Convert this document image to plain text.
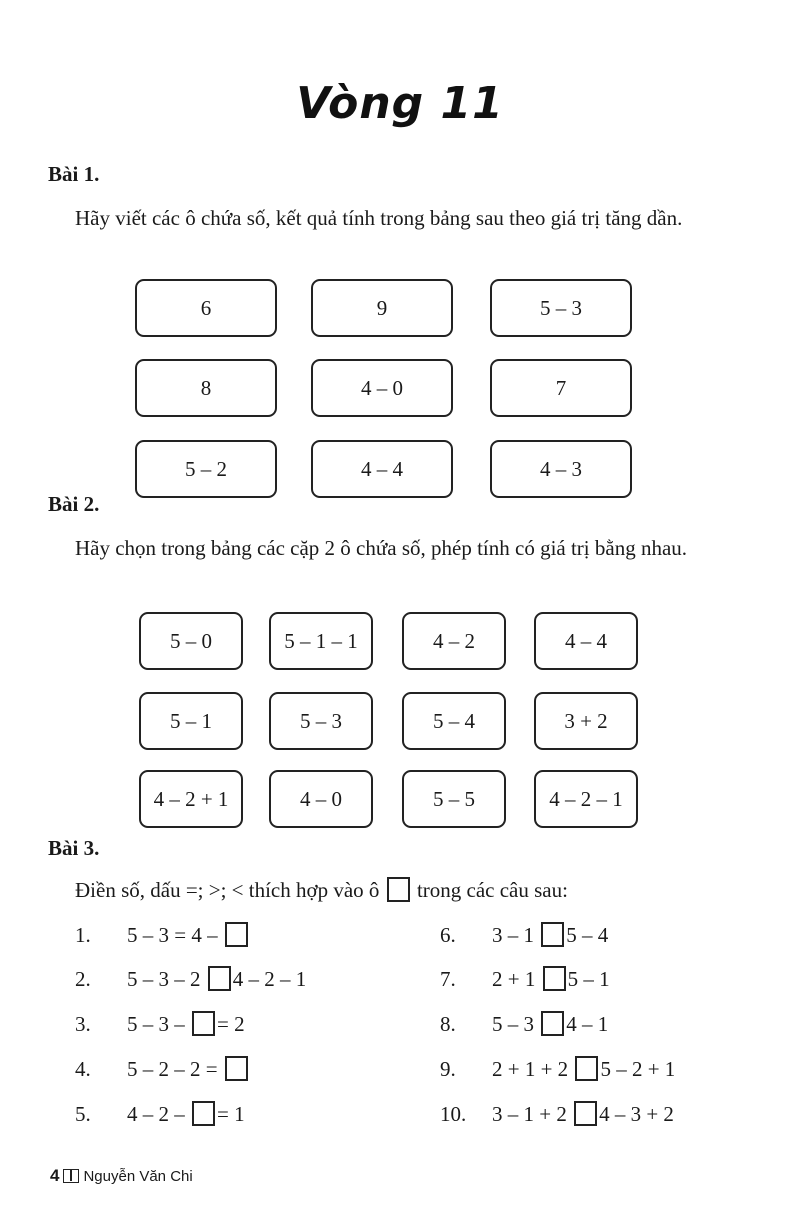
Vòng 11
Bài 1.
Hãy viết các ô chứa số, kết quả tính trong bảng sau theo giá trị tăng dần.
6	9	5 – 3
8	4 – 0	7
5 – 2	4 – 4	4 – 3
Bài 2.
Hãy chọn trong bảng các cặp 2 ô chứa số, phép tính có giá trị bằng nhau.
5 – 0	5 – 1 – 1	4 – 2	4 – 4
5 – 1	5 – 3	5 – 4	3 + 2
4 – 2 + 1	4 – 0	5 – 5	4 – 2 – 1
Bài 3.
Điền số, dấu =; >; < thích hợp vào ô trong các câu sau:
1. 5 – 3 = 4 –
2. 5 – 3 – 2 4 – 2 – 1
3. 5 – 3 – = 2
4. 5 – 2 – 2 =
5. 4 – 2 – = 1
6. 3 – 1 5 – 4
7. 2 + 1 5 – 1
8. 5 – 3 4 – 1
9. 2 + 1 + 2 5 – 2 + 1
10. 3 – 1 + 2 4 – 3 + 2
4 Nguyễn Văn Chi
